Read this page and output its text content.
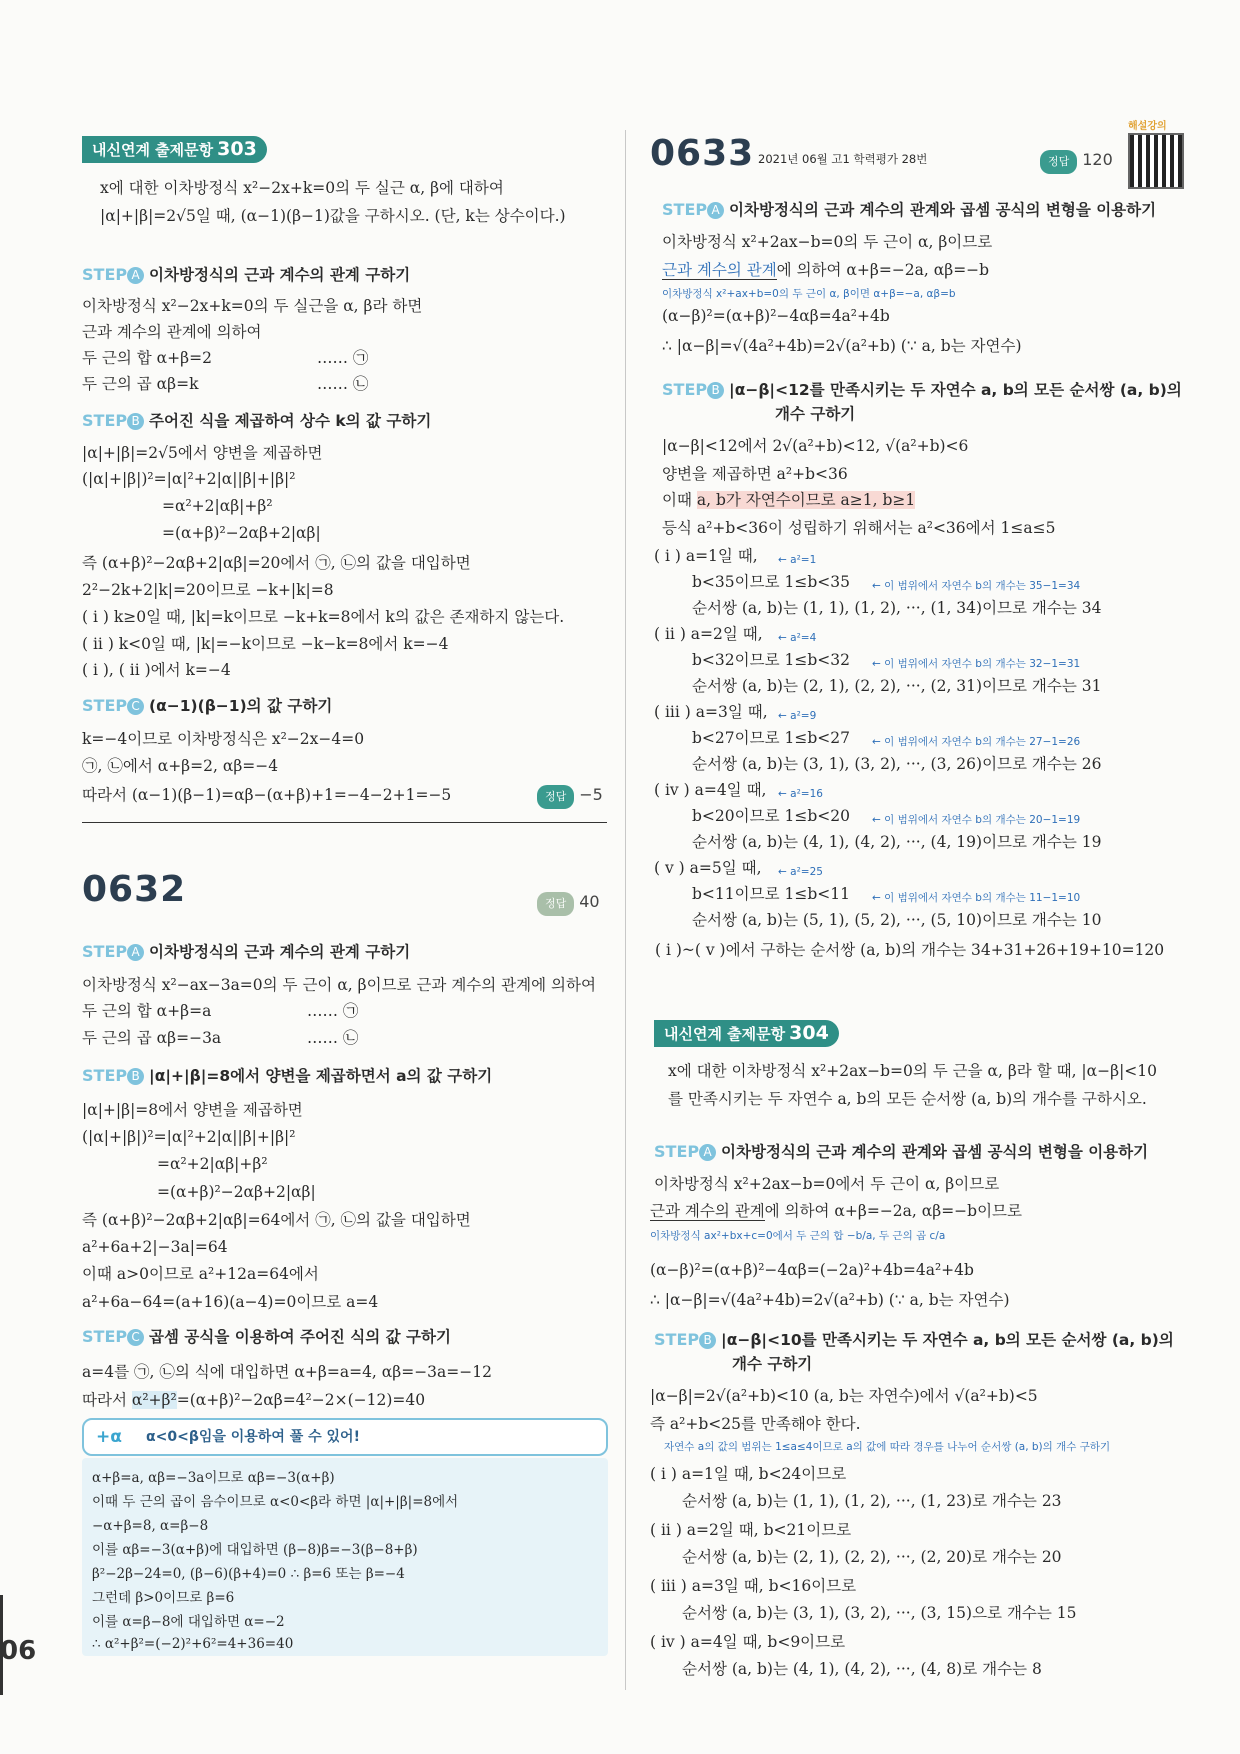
06
내신연계 출제문항 303
x에 대한 이차방정식 x²−2x+k=0의 두 실근 α, β에 대하여
|α|+|β|=2√5일 때, (α−1)(β−1)값을 구하시오. (단, k는 상수이다.)
STEP A 이차방정식의 근과 계수의 관계 구하기
이차방정식 x²−2x+k=0의 두 실근을 α, β라 하면
근과 계수의 관계에 의하여
두 근의 합 α+β=2	…… ㉠
두 근의 곱 αβ=k	…… ㉡
STEP B 주어진 식을 제곱하여 상수 k의 값 구하기
|α|+|β|=2√5에서 양변을 제곱하면
(|α|+|β|)²=|α|²+2|α||β|+|β|²
=α²+2|αβ|+β²
=(α+β)²−2αβ+2|αβ|
즉 (α+β)²−2αβ+2|αβ|=20에서 ㉠, ㉡의 값을 대입하면
2²−2k+2|k|=20이므로 −k+|k|=8
( i ) k≥0일 때, |k|=k이므로 −k+k=8에서 k의 값은 존재하지 않는다.
( ii ) k<0일 때, |k|=−k이므로 −k−k=8에서 k=−4
( i ), ( ii )에서 k=−4
STEP C (α−1)(β−1)의 값 구하기
k=−4이므로 이차방정식은 x²−2x−4=0
㉠, ㉡에서 α+β=2, αβ=−4
따라서 (α−1)(β−1)=αβ−(α+β)+1=−4−2+1=−5	정답 −5
0632	정답 40
STEP A 이차방정식의 근과 계수의 관계 구하기
이차방정식 x²−ax−3a=0의 두 근이 α, β이므로 근과 계수의 관계에 의하여
두 근의 합 α+β=a	…… ㉠
두 근의 곱 αβ=−3a	…… ㉡
STEP B |α|+|β|=8에서 양변을 제곱하면서 a의 값 구하기
|α|+|β|=8에서 양변을 제곱하면
(|α|+|β|)²=|α|²+2|α||β|+|β|²
=α²+2|αβ|+β²
=(α+β)²−2αβ+2|αβ|
즉 (α+β)²−2αβ+2|αβ|=64에서 ㉠, ㉡의 값을 대입하면
a²+6a+2|−3a|=64
이때 a>0이므로 a²+12a=64에서
a²+6a−64=(a+16)(a−4)=0이므로 a=4
STEP C 곱셈 공식을 이용하여 주어진 식의 값 구하기
a=4를 ㉠, ㉡의 식에 대입하면 α+β=a=4, αβ=−3a=−12
따라서 α²+β²=(α+β)²−2αβ=4²−2×(−12)=40
+α α<0<β임을 이용하여 풀 수 있어!
α+β=a, αβ=−3a이므로 αβ=−3(α+β)
이때 두 근의 곱이 음수이므로 α<0<β라 하면 |α|+|β|=8에서
−α+β=8, α=β−8
이를 αβ=−3(α+β)에 대입하면 (β−8)β=−3(β−8+β)
β²−2β−24=0, (β−6)(β+4)=0 ∴ β=6 또는 β=−4
그런데 β>0이므로 β=6
이를 α=β−8에 대입하면 α=−2
∴ α²+β²=(−2)²+6²=4+36=40
해설강의
0633 2021년 06월 고1 학력평가 28번	정답 120
STEP A 이차방정식의 근과 계수의 관계와 곱셈 공식의 변형을 이용하기
이차방정식 x²+2ax−b=0의 두 근이 α, β이므로
근과 계수의 관계에 의하여 α+β=−2a, αβ=−b
이차방정식 x²+ax+b=0의 두 근이 α, β이면 α+β=−a, αβ=b
(α−β)²=(α+β)²−4αβ=4a²+4b
∴ |α−β|=√(4a²+4b)=2√(a²+b) (∵ a, b는 자연수)
STEP B |α−β|<12를 만족시키는 두 자연수 a, b의 모든 순서쌍 (a, b)의
개수 구하기
|α−β|<12에서 2√(a²+b)<12, √(a²+b)<6
양변을 제곱하면 a²+b<36
이때 a, b가 자연수이므로 a≥1, b≥1
등식 a²+b<36이 성립하기 위해서는 a²<36에서 1≤a≤5
( i ) a=1일 때, ← a²=1
b<35이므로 1≤b<35 ← 이 범위에서 자연수 b의 개수는 35−1=34
순서쌍 (a, b)는 (1, 1), (1, 2), ···, (1, 34)이므로 개수는 34
( ii ) a=2일 때, ← a²=4
b<32이므로 1≤b<32 ← 이 범위에서 자연수 b의 개수는 32−1=31
순서쌍 (a, b)는 (2, 1), (2, 2), ···, (2, 31)이므로 개수는 31
( iii ) a=3일 때, ← a²=9
b<27이므로 1≤b<27 ← 이 범위에서 자연수 b의 개수는 27−1=26
순서쌍 (a, b)는 (3, 1), (3, 2), ···, (3, 26)이므로 개수는 26
( iv ) a=4일 때, ← a²=16
b<20이므로 1≤b<20 ← 이 범위에서 자연수 b의 개수는 20−1=19
순서쌍 (a, b)는 (4, 1), (4, 2), ···, (4, 19)이므로 개수는 19
( v ) a=5일 때, ← a²=25
b<11이므로 1≤b<11 ← 이 범위에서 자연수 b의 개수는 11−1=10
순서쌍 (a, b)는 (5, 1), (5, 2), ···, (5, 10)이므로 개수는 10
( i )~( v )에서 구하는 순서쌍 (a, b)의 개수는 34+31+26+19+10=120
내신연계 출제문항 304
x에 대한 이차방정식 x²+2ax−b=0의 두 근을 α, β라 할 때, |α−β|<10
를 만족시키는 두 자연수 a, b의 모든 순서쌍 (a, b)의 개수를 구하시오.
STEP A 이차방정식의 근과 계수의 관계와 곱셈 공식의 변형을 이용하기
이차방정식 x²+2ax−b=0에서 두 근이 α, β이므로
근과 계수의 관계에 의하여 α+β=−2a, αβ=−b이므로
이차방정식 ax²+bx+c=0에서 두 근의 합 −b/a, 두 근의 곱 c/a
(α−β)²=(α+β)²−4αβ=(−2a)²+4b=4a²+4b
∴ |α−β|=√(4a²+4b)=2√(a²+b) (∵ a, b는 자연수)
STEP B |α−β|<10를 만족시키는 두 자연수 a, b의 모든 순서쌍 (a, b)의
개수 구하기
|α−β|=2√(a²+b)<10 (a, b는 자연수)에서 √(a²+b)<5
즉 a²+b<25를 만족해야 한다.
자연수 a의 값의 범위는 1≤a≤4이므로 a의 값에 따라 경우를 나누어 순서쌍 (a, b)의 개수 구하기
( i ) a=1일 때, b<24이므로
순서쌍 (a, b)는 (1, 1), (1, 2), ···, (1, 23)로 개수는 23
( ii ) a=2일 때, b<21이므로
순서쌍 (a, b)는 (2, 1), (2, 2), ···, (2, 20)로 개수는 20
( iii ) a=3일 때, b<16이므로
순서쌍 (a, b)는 (3, 1), (3, 2), ···, (3, 15)으로 개수는 15
( iv ) a=4일 때, b<9이므로
순서쌍 (a, b)는 (4, 1), (4, 2), ···, (4, 8)로 개수는 8
